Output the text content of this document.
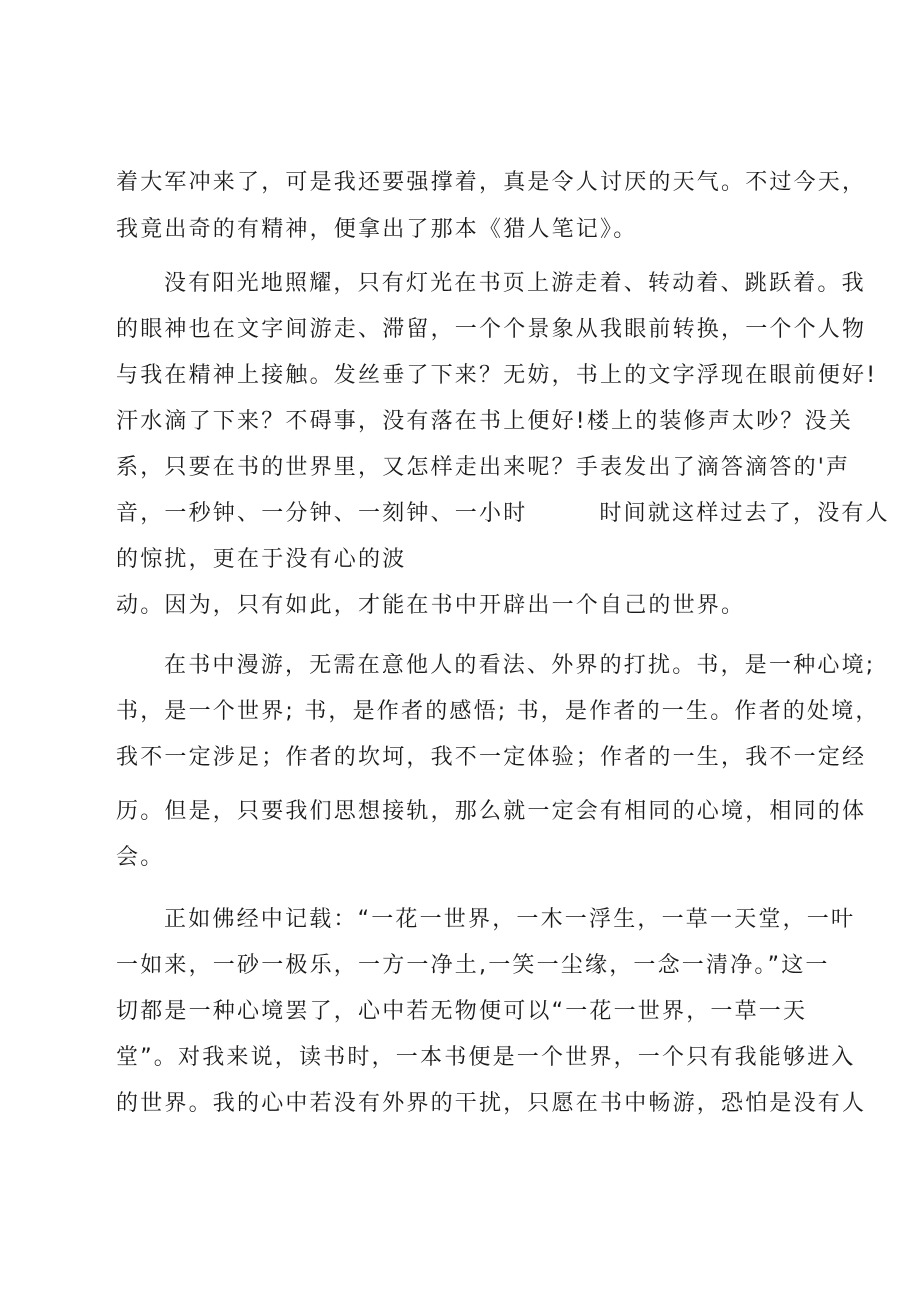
着大军冲来了，可是我还要强撑着，真是令人讨厌的天气。不过今天，
我竟出奇的有精神，便拿出了那本《猎人笔记》。
没有阳光地照耀，只有灯光在书页上游走着、转动着、跳跃着。我
的眼神也在文字间游走、滞留，一个个景象从我眼前转换，一个个人物
与我在精神上接触。发丝垂了下来？无妨，书上的文字浮现在眼前便好!
汗水滴了下来？不碍事，没有落在书上便好!楼上的装修声太吵？没关
系，只要在书的世界里，又怎样走出来呢？手表发出了滴答滴答的'声
音，一秒钟、一分钟、一刻钟、一小时	时间就这样过去了，没有人
的惊扰，更在于没有心的波
动。因为，只有如此，才能在书中开辟出一个自己的世界。
在书中漫游，无需在意他人的看法、外界的打扰。书，是一种心境;
书，是一个世界; 书，是作者的感悟; 书，是作者的一生。作者的处境，
我不一定涉足；作者的坎坷，我不一定体验；作者的一生，我不一定经
历。但是，只要我们思想接轨，那么就一定会有相同的心境，相同的体
会。
正如佛经中记载：“一花一世界，一木一浮生，一草一天堂，一叶
一如来，一砂一极乐，一方一净土,一笑一尘缘，一念一清净。”这一
切都是一种心境罢了，心中若无物便可以“一花一世界，一草一天
堂”。对我来说，读书时，一本书便是一个世界，一个只有我能够进入
的世界。我的心中若没有外界的干扰，只愿在书中畅游，恐怕是没有人
